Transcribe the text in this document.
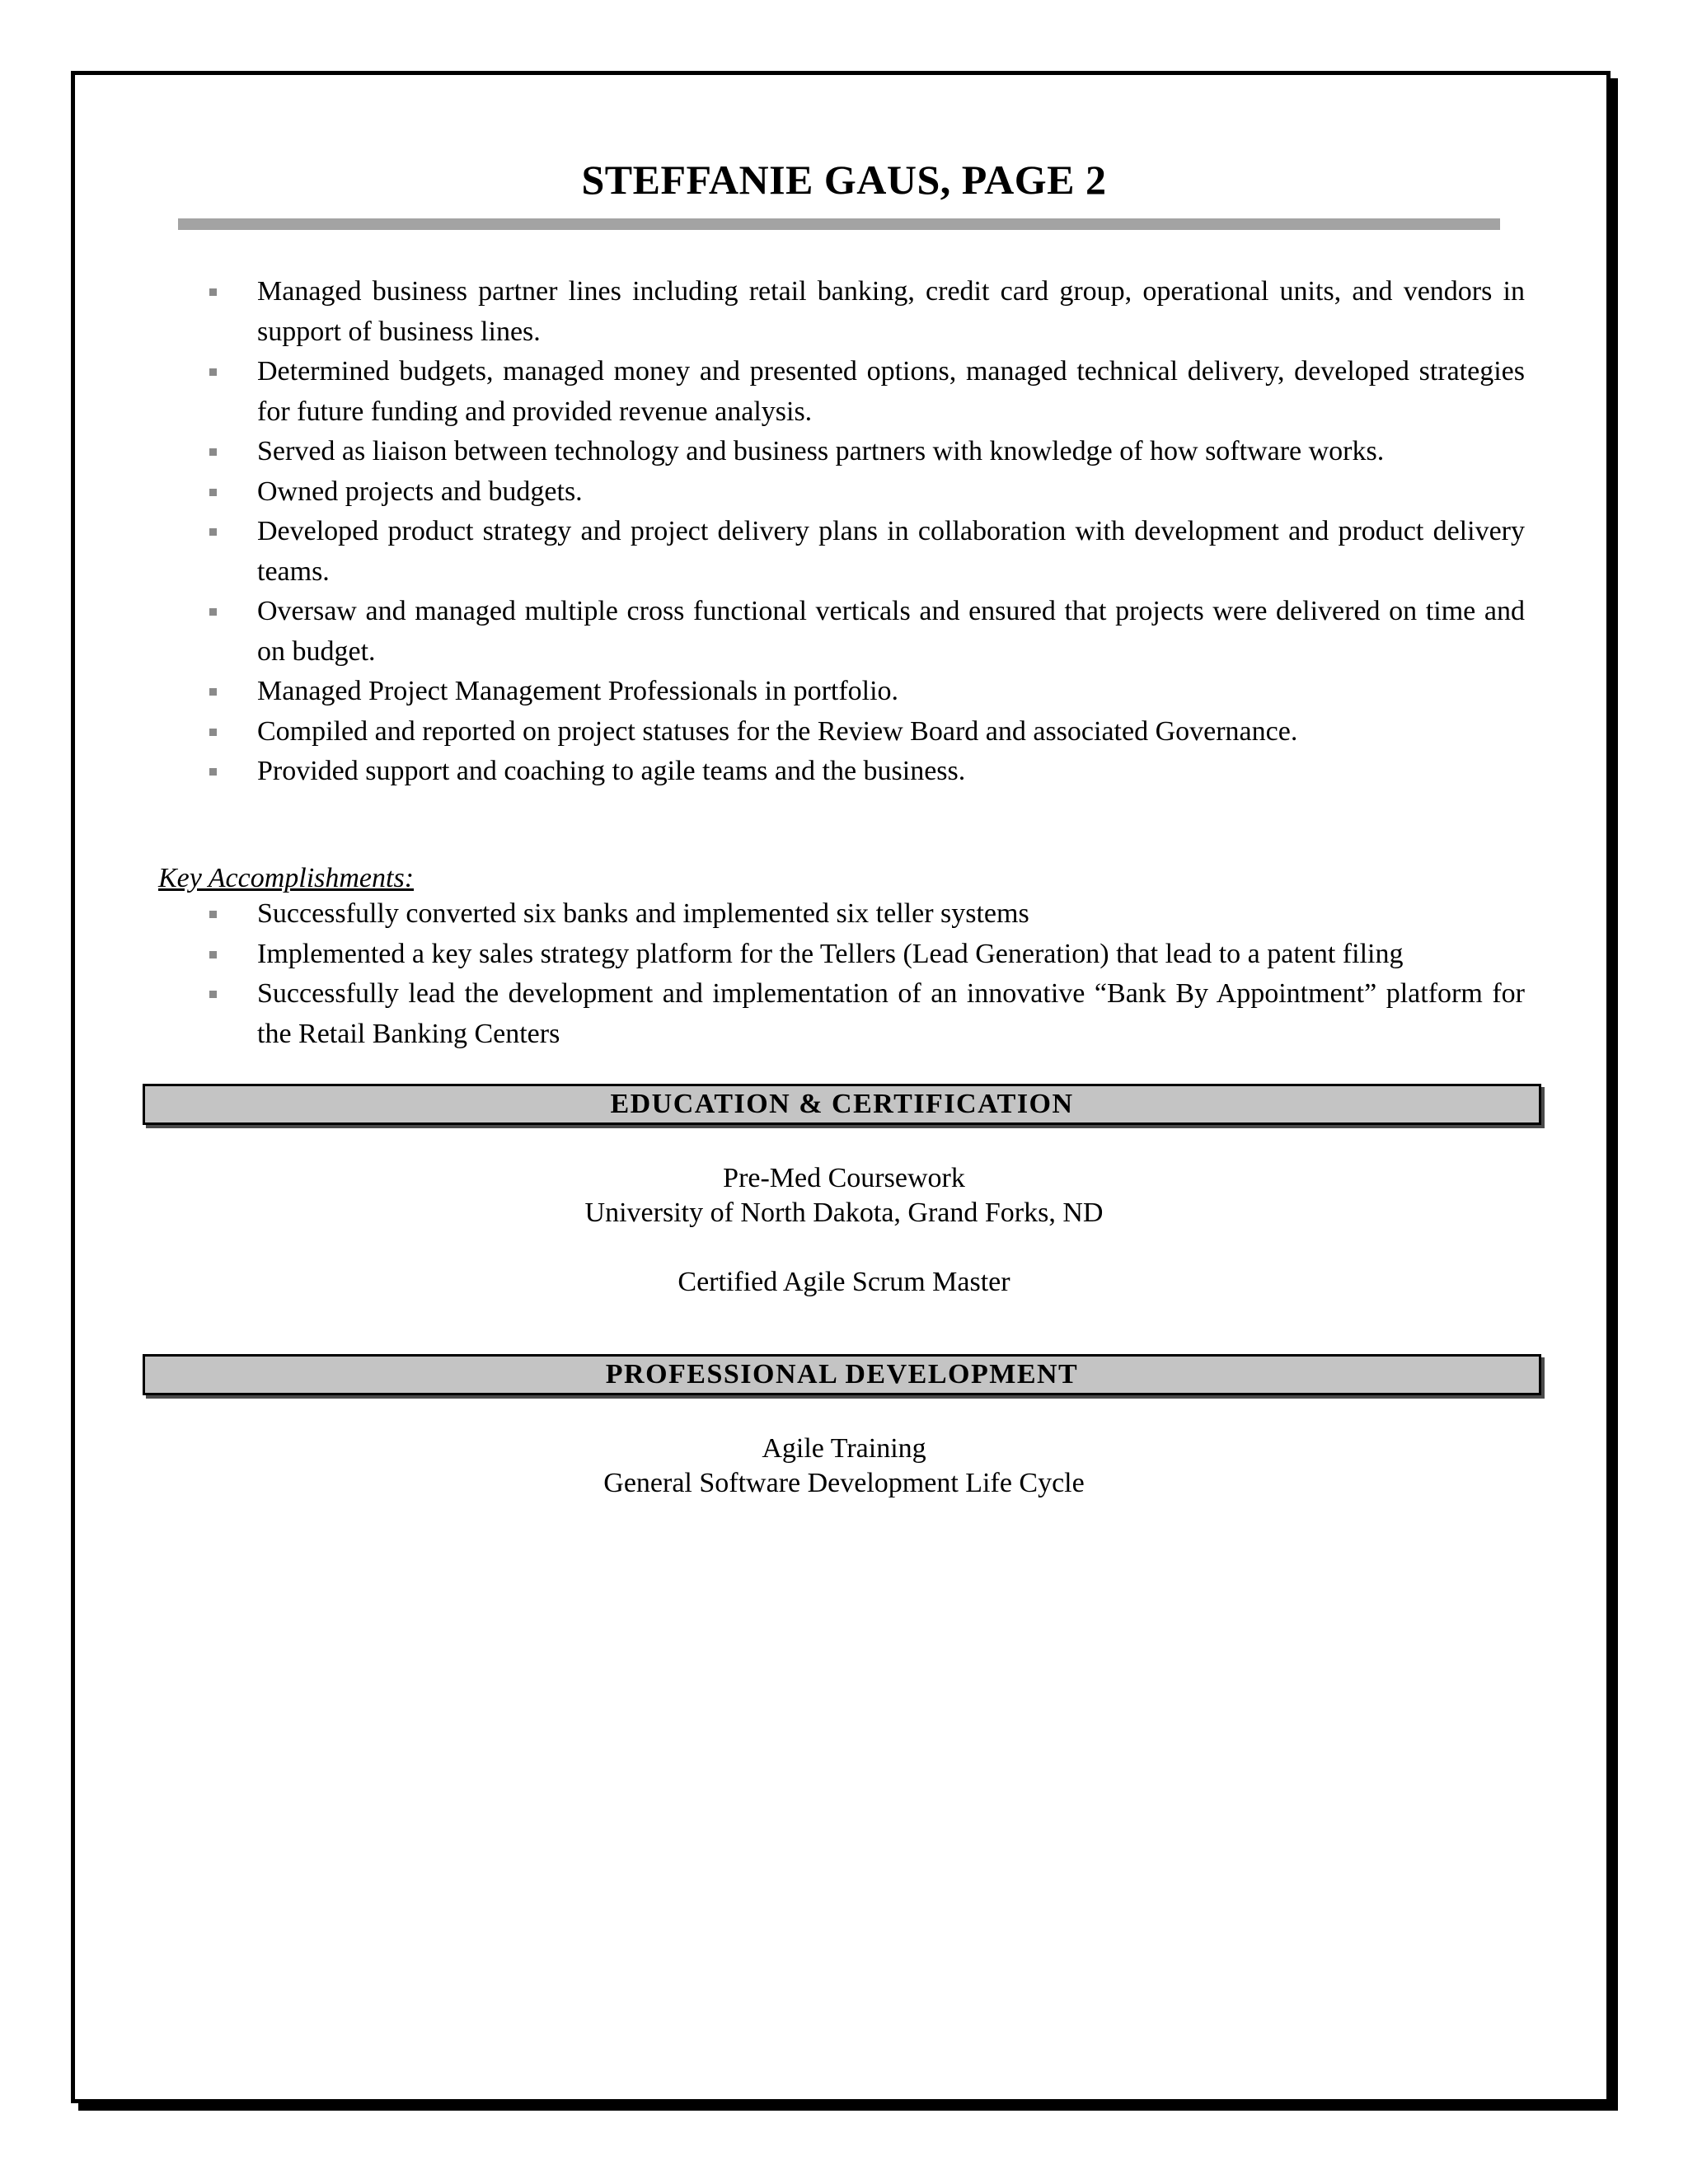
STEFFANIE GAUS, PAGE 2
Managed business partner lines including retail banking, credit card group, operational units, and vendors in support of business lines.
Determined budgets, managed money and presented options, managed technical delivery, developed strategies for future funding and provided revenue analysis.
Served as liaison between technology and business partners with knowledge of how software works.
Owned projects and budgets.
Developed product strategy and project delivery plans in collaboration with development and product delivery teams.
Oversaw and managed multiple cross functional verticals and ensured that projects were delivered on time and on budget.
Managed Project Management Professionals in portfolio.
Compiled and reported on project statuses for the Review Board and associated Governance.
Provided support and coaching to agile teams and the business.
Key Accomplishments:
Successfully converted six banks and implemented six teller systems
Implemented a key sales strategy platform for the Tellers (Lead Generation) that lead to a patent filing
Successfully lead the development and implementation of an innovative “Bank By Appointment” platform for the Retail Banking Centers
EDUCATION & CERTIFICATION
Pre-Med Coursework
University of North Dakota, Grand Forks, ND
Certified Agile Scrum Master
PROFESSIONAL DEVELOPMENT
Agile Training
General Software Development Life Cycle
